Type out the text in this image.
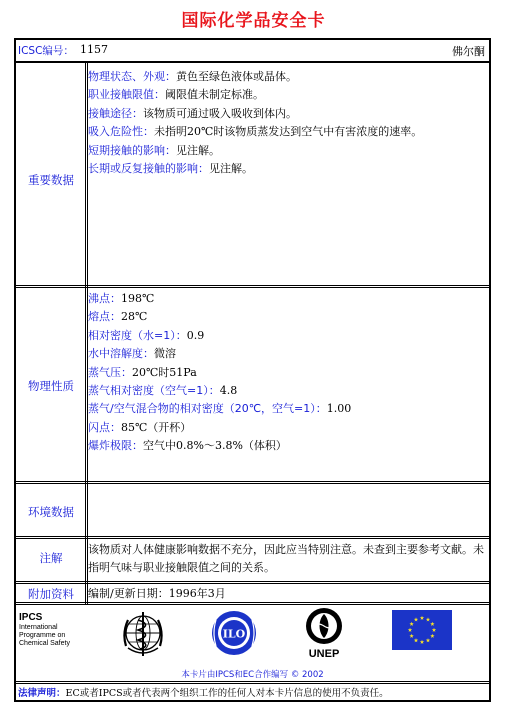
国际化学品安全卡
ICSC编号： 1157	佛尔酮
重要数据
物理状态、外观：黄色至绿色液体或晶体。
职业接触限值：阈限值未制定标准。
接触途径：该物质可通过吸入吸收到体内。
吸入危险性：未指明20℃时该物质蒸发达到空气中有害浓度的速率。
短期接触的影响：见注解。
长期或反复接触的影响：见注解。
物理性质
沸点：198℃
熔点：28℃
相对密度（水=1）：0.9
水中溶解度：微溶
蒸气压：20℃时51Pa
蒸气相对密度（空气=1）：4.8
蒸气/空气混合物的相对密度（20℃，空气=1）：1.00
闪点：85℃（开杯）
爆炸极限：空气中0.8%～3.8%（体积）
环境数据
注解
该物质对人体健康影响数据不充分，因此应当特别注意。未查到主要参考文献。未指明气味与职业接触限值之间的关系。
附加资料	编制/更新日期：1996年3月
IPCS
International
Programme on
Chemical Safety
ILO
UNEP
本卡片由IPCS和EC合作编写 © 2002
法律声明：EC或者IPCS或者代表两个组织工作的任何人对本卡片信息的使用不负责任。
